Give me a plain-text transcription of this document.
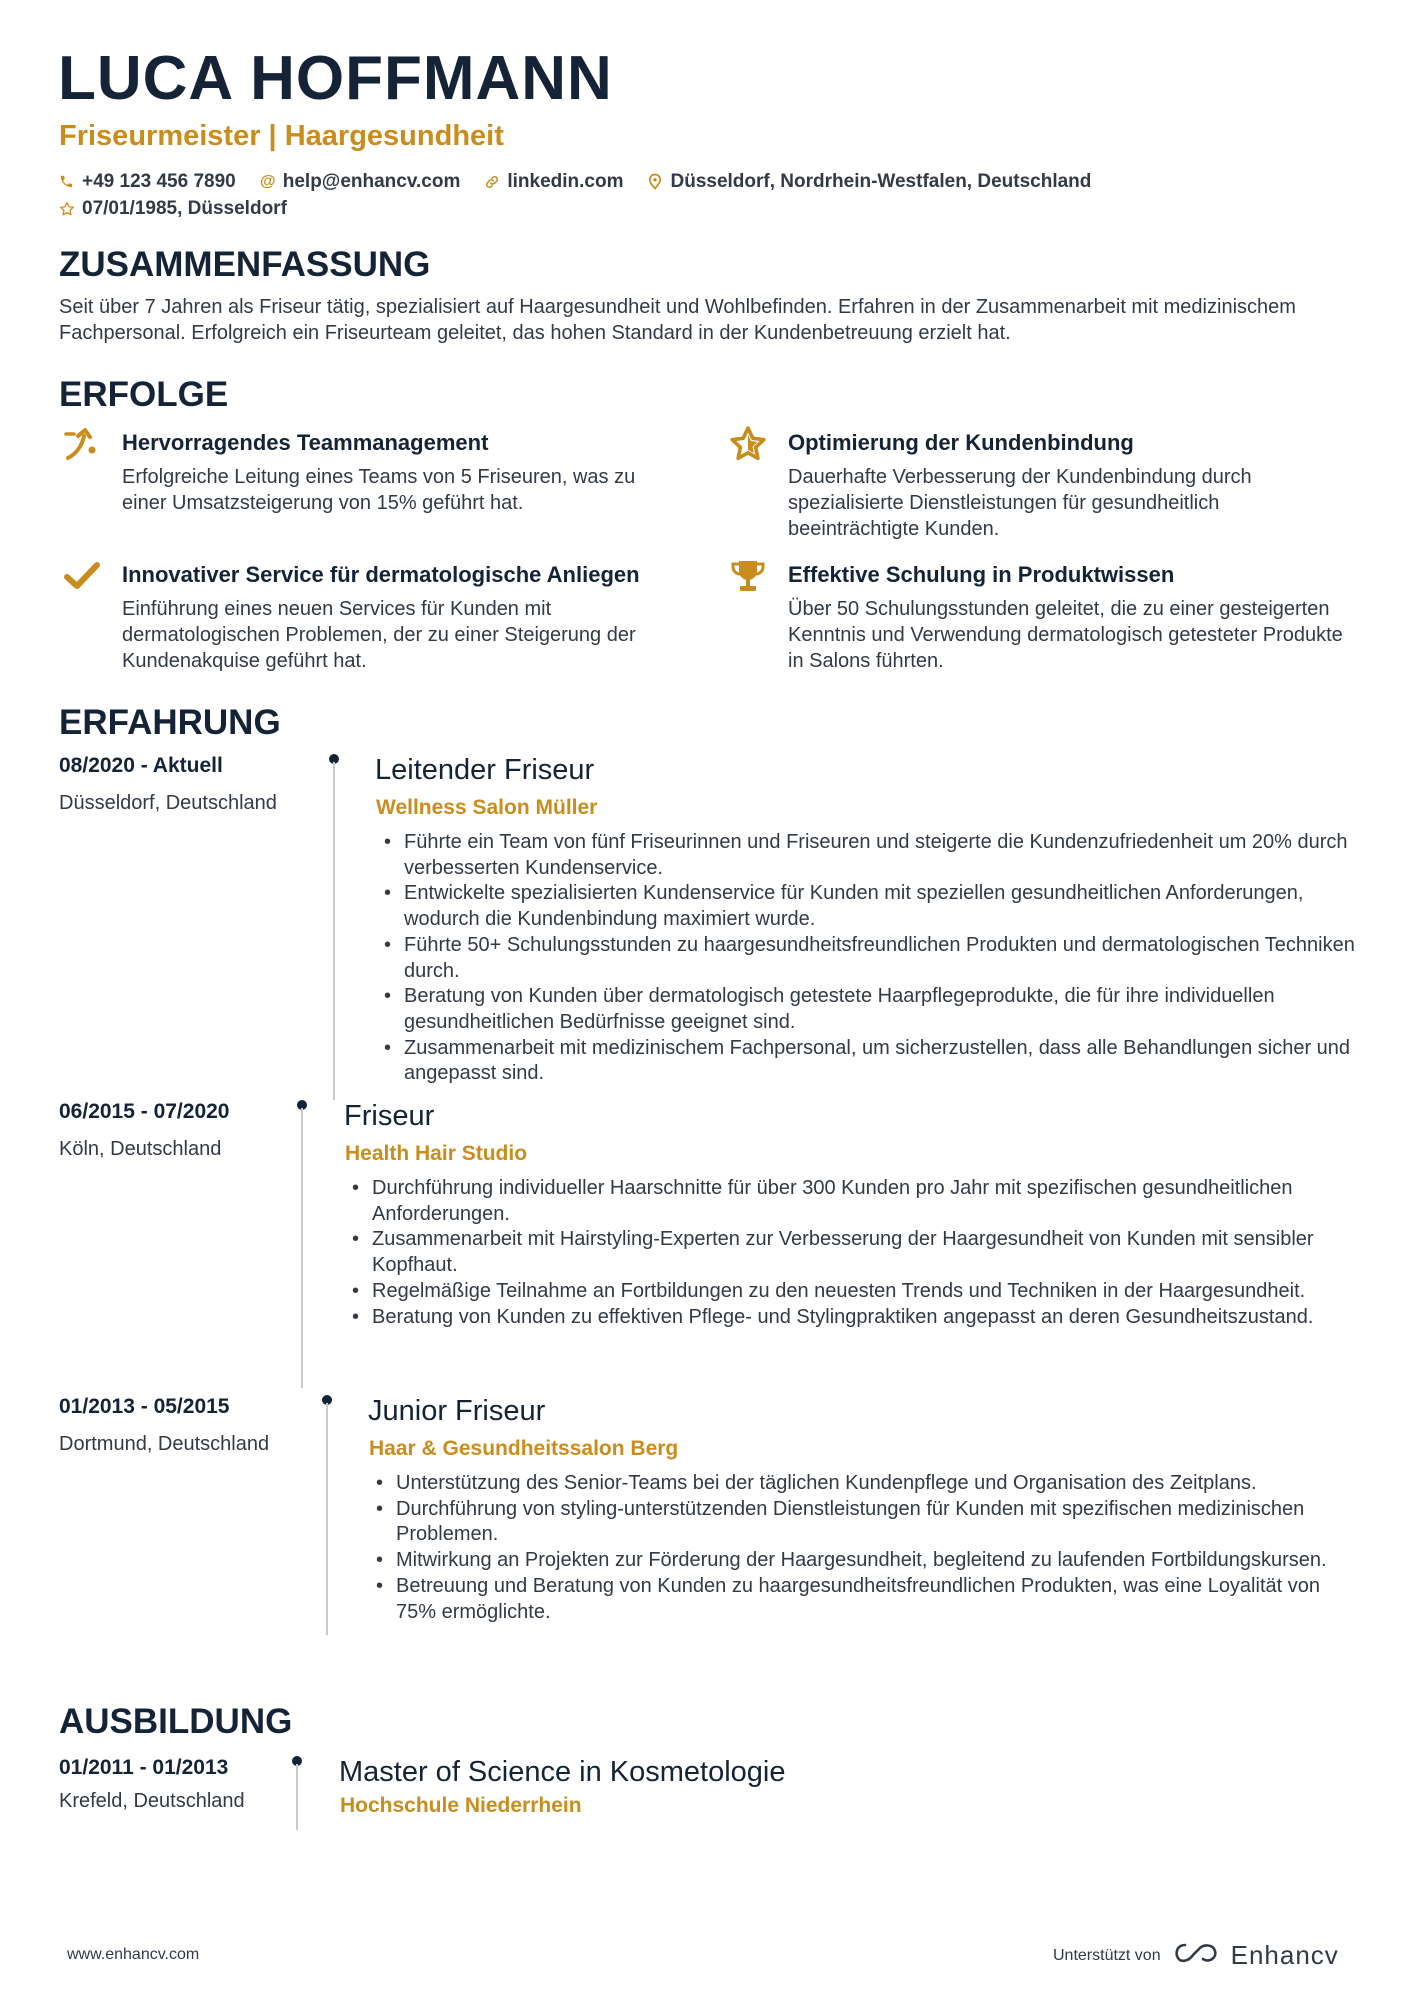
LUCA HOFFMANN
Friseurmeister | Haargesundheit
+49 123 456 7890 @ help@enhancv.com linkedin.com Düsseldorf, Nordrhein-Westfalen, Deutschland
07/01/1985, Düsseldorf
ZUSAMMENFASSUNG

Seit über 7 Jahren als Friseur tätig, spezialisiert auf Haargesundheit und Wohlbefinden. Erfahren in der Zusammenarbeit mit medizinischem Fachpersonal. Erfolgreich ein Friseurteam geleitet, das hohen Standard in der Kundenbetreuung erzielt hat.

ERFOLGE
Hervorragendes Teammanagement
Erfolgreiche Leitung eines Teams von 5 Friseuren, was zu einer Umsatzsteigerung von 15% geführt hat.
Optimierung der Kundenbindung
Dauerhafte Verbesserung der Kundenbindung durch spezialisierte Dienstleistungen für gesundheitlich beeinträchtigte Kunden.
Innovativer Service für dermatologische Anliegen
Einführung eines neuen Services für Kunden mit dermatologischen Problemen, der zu einer Steigerung der Kundenakquise geführt hat.
Effektive Schulung in Produktwissen
Über 50 Schulungsstunden geleitet, die zu einer gesteigerten Kenntnis und Verwendung dermatologisch getesteter Produkte in Salons führten.
ERFAHRUNG
08/2020 - Aktuell
Düsseldorf, Deutschland
Leitender Friseur
Wellness Salon Müller
• Führte ein Team von fünf Friseurinnen und Friseuren und steigerte die Kundenzufriedenheit um 20% durch verbesserten Kundenservice.
• Entwickelte spezialisierten Kundenservice für Kunden mit speziellen gesundheitlichen Anforderungen, wodurch die Kundenbindung maximiert wurde.
• Führte 50+ Schulungsstunden zu haargesundheitsfreundlichen Produkten und dermatologischen Techniken durch.
• Beratung von Kunden über dermatologisch getestete Haarpflegeprodukte, die für ihre individuellen gesundheitlichen Bedürfnisse geeignet sind.
• Zusammenarbeit mit medizinischem Fachpersonal, um sicherzustellen, dass alle Behandlungen sicher und angepasst sind.
06/2015 - 07/2020
Köln, Deutschland
Friseur
Health Hair Studio
• Durchführung individueller Haarschnitte für über 300 Kunden pro Jahr mit spezifischen gesundheitlichen Anforderungen.
• Zusammenarbeit mit Hairstyling-Experten zur Verbesserung der Haargesundheit von Kunden mit sensibler Kopfhaut.
• Regelmäßige Teilnahme an Fortbildungen zu den neuesten Trends und Techniken in der Haargesundheit.
• Beratung von Kunden zu effektiven Pflege- und Stylingpraktiken angepasst an deren Gesundheitszustand.
01/2013 - 05/2015
Dortmund, Deutschland
Junior Friseur
Haar & Gesundheitssalon Berg
• Unterstützung des Senior-Teams bei der täglichen Kundenpflege und Organisation des Zeitplans.
• Durchführung von styling-unterstützenden Dienstleistungen für Kunden mit spezifischen medizinischen Problemen.
• Mitwirkung an Projekten zur Förderung der Haargesundheit, begleitend zu laufenden Fortbildungskursen.
• Betreuung und Beratung von Kunden zu haargesundheitsfreundlichen Produkten, was eine Loyalität von 75% ermöglichte.
AUSBILDUNG
01/2011 - 01/2013
Krefeld, Deutschland
Master of Science in Kosmetologie
Hochschule Niederrhein
www.enhancv.com	Unterstützt von	Enhancv
